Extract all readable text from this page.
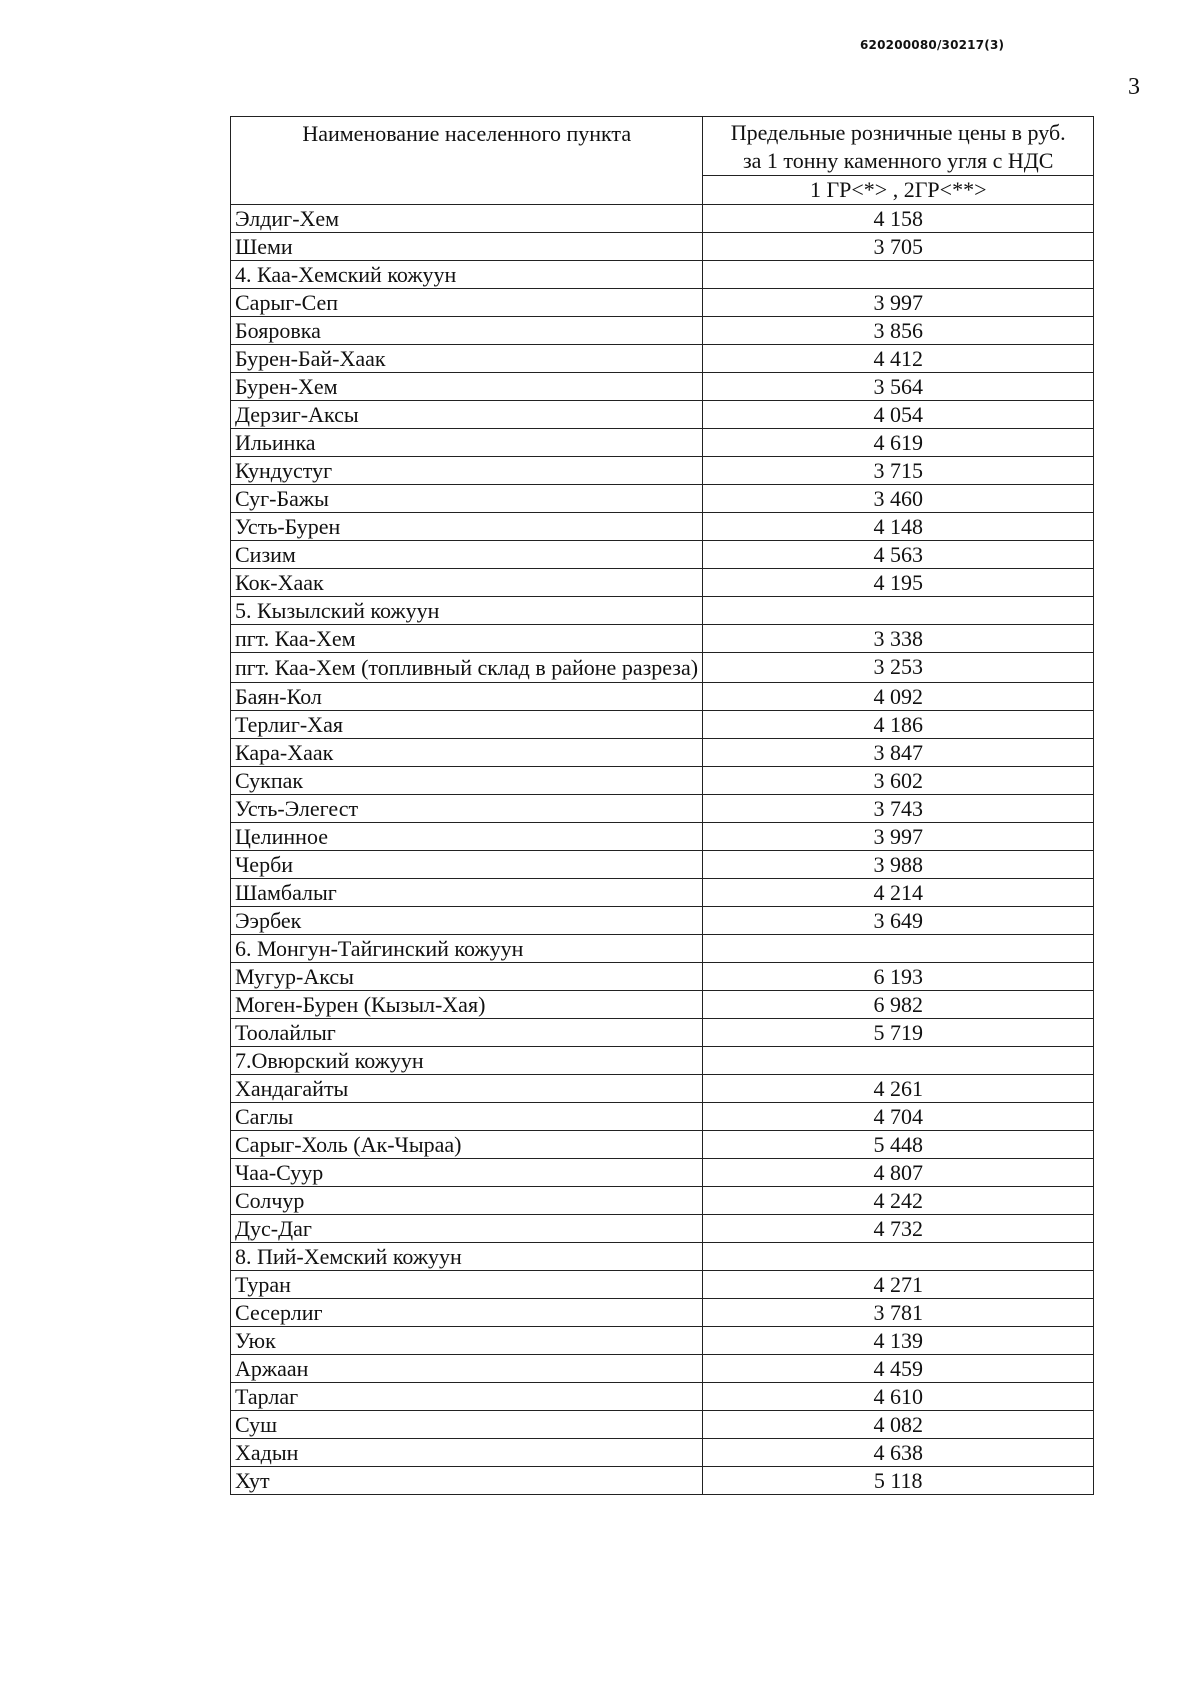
620200080/30217(3)
3
Наименование населенного пункта	Предельные розничные цены в руб.
за 1 тонну каменного угля с НДС

	1 ГР<*> , 2ГР<**>
Элдиг-Хем	4 158
Шеми	3 705
4. Каа-Хемский кожуун	
Сарыг-Сеп	3 997
Бояровка	3 856
Бурен-Бай-Хаак	4 412
Бурен-Хем	3 564
Дерзиг-Аксы	4 054
Ильинка	4 619
Кундустуг	3 715
Суг-Бажы	3 460
Усть-Бурен	4 148
Сизим	4 563
Кок-Хаак	4 195
5. Кызылский кожуун	
пгт. Каа-Хем	3 338
пгт. Каа-Хем (топливный склад в районе разреза)	3 253
Баян-Кол	4 092
Терлиг-Хая	4 186
Кара-Хаак	3 847
Сукпак	3 602
Усть-Элегест	3 743
Целинное	3 997
Черби	3 988
Шамбалыг	4 214
Ээрбек	3 649
6. Монгун-Тайгинский кожуун	
Мугур-Аксы	6 193
Моген-Бурен (Кызыл-Хая)	6 982
Тоолайлыг	5 719
7.Овюрский кожуун	
Хандагайты	4 261
Саглы	4 704
Сарыг-Холь (Ак-Чыраа)	5 448
Чаа-Суур	4 807
Солчур	4 242
Дус-Даг	4 732
8. Пий-Хемский кожуун	
Туран	4 271
Сесерлиг	3 781
Уюк	4 139
Аржаан	4 459
Тарлаг	4 610
Суш	4 082
Хадын	4 638
Хут	5 118
